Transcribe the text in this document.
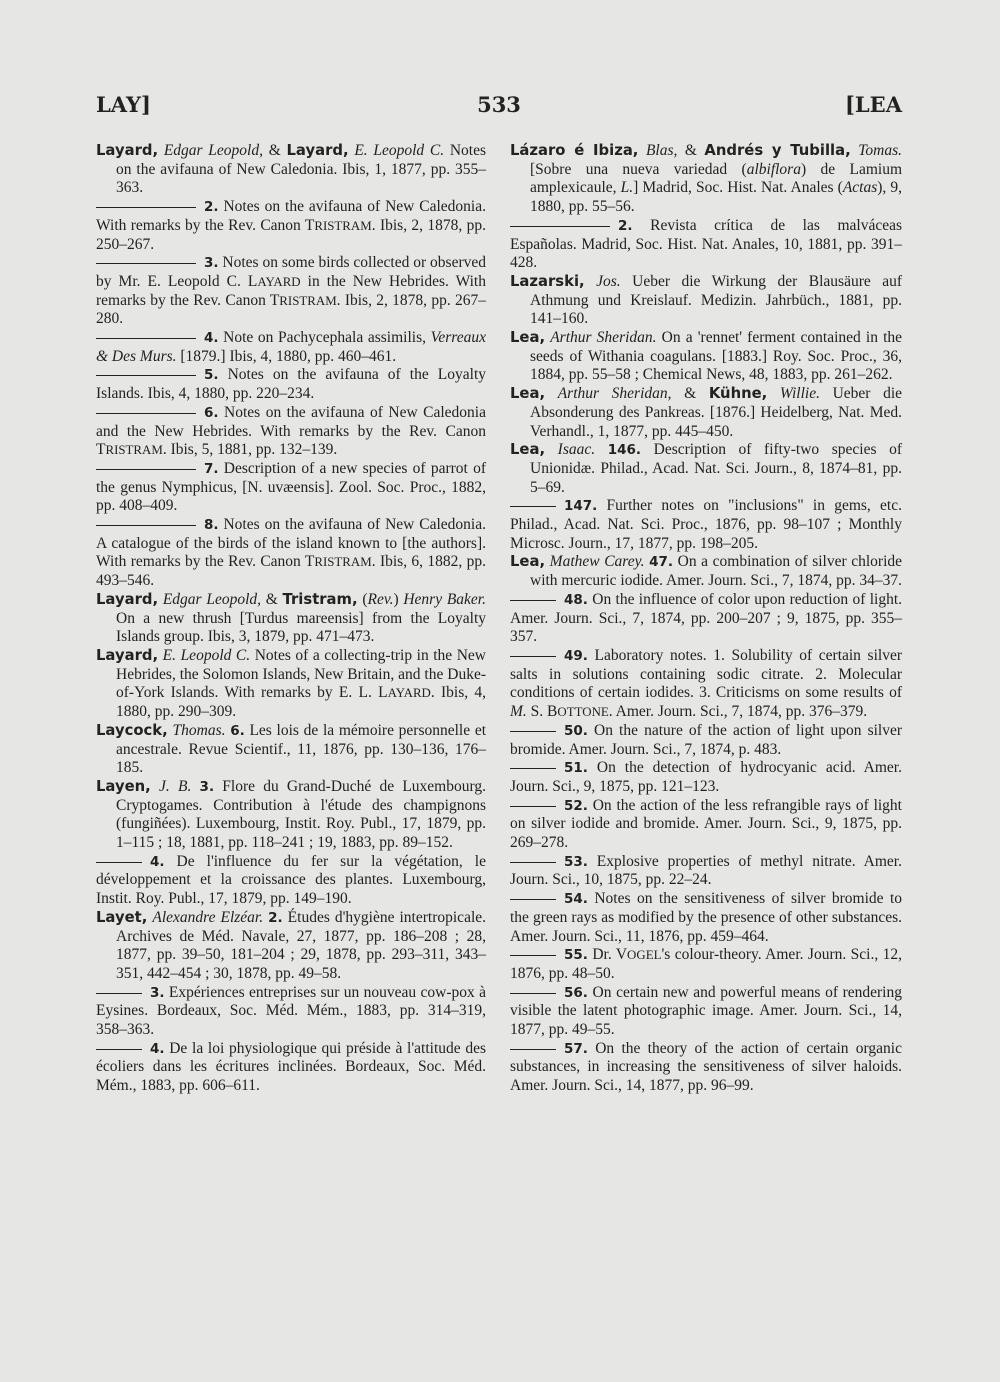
LAY]	533	[LEA

Layard, Edgar Leopold, & Layard, E. Leopold C. Notes on the avifauna of New Caledonia. Ibis, 1, 1877, pp. 355–363.

2. Notes on the avifauna of New Caledonia. With remarks by the Rev. Canon TRISTRAM. Ibis, 2, 1878, pp. 250–267.

3. Notes on some birds collected or observed by Mr. E. Leopold C. LAYARD in the New Hebrides. With remarks by the Rev. Canon TRISTRAM. Ibis, 2, 1878, pp. 267–280.

4. Note on Pachycephala assimilis, Verreaux & Des Murs. [1879.] Ibis, 4, 1880, pp. 460–461.

5. Notes on the avifauna of the Loyalty Islands. Ibis, 4, 1880, pp. 220–234.

6. Notes on the avifauna of New Caledonia and the New Hebrides. With remarks by the Rev. Canon TRISTRAM. Ibis, 5, 1881, pp. 132–139.

7. Description of a new species of parrot of the genus Nymphicus, [N. uvæensis]. Zool. Soc. Proc., 1882, pp. 408–409.

8. Notes on the avifauna of New Caledonia. A catalogue of the birds of the island known to [the authors]. With remarks by the Rev. Canon TRISTRAM. Ibis, 6, 1882, pp. 493–546.

Layard, Edgar Leopold, & Tristram, (Rev.) Henry Baker. On a new thrush [Turdus mareensis] from the Loyalty Islands group. Ibis, 3, 1879, pp. 471–473.

Layard, E. Leopold C. Notes of a collecting-trip in the New Hebrides, the Solomon Islands, New Britain, and the Duke-of-York Islands. With remarks by E. L. LAYARD. Ibis, 4, 1880, pp. 290–309.

Laycock, Thomas. 6. Les lois de la mémoire personnelle et ancestrale. Revue Scientif., 11, 1876, pp. 130–136, 176–185.

Layen, J. B. 3. Flore du Grand-Duché de Luxembourg. Cryptogames. Contribution à l'étude des champignons (fungiñées). Luxembourg, Instit. Roy. Publ., 17, 1879, pp. 1–115 ; 18, 1881, pp. 118–241 ; 19, 1883, pp. 89–152.

4. De l'influence du fer sur la végétation, le développement et la croissance des plantes. Luxembourg, Instit. Roy. Publ., 17, 1879, pp. 149–190.

Layet, Alexandre Elzéar. 2. Études d'hygiène intertropicale. Archives de Méd. Navale, 27, 1877, pp. 186–208 ; 28, 1877, pp. 39–50, 181–204 ; 29, 1878, pp. 293–311, 343–351, 442–454 ; 30, 1878, pp. 49–58.

3. Expériences entreprises sur un nouveau cow-pox à Eysines. Bordeaux, Soc. Méd. Mém., 1883, pp. 314–319, 358–363.

4. De la loi physiologique qui préside à l'attitude des écoliers dans les écritures inclinées. Bordeaux, Soc. Méd. Mém., 1883, pp. 606–611.

Lázaro é Ibiza, Blas, & Andrés y Tubilla, Tomas. [Sobre una nueva variedad (albiflora) de Lamium amplexicaule, L.] Madrid, Soc. Hist. Nat. Anales (Actas), 9, 1880, pp. 55–56.

2. Revista crítica de las malváceas Españolas. Madrid, Soc. Hist. Nat. Anales, 10, 1881, pp. 391–428.

Lazarski, Jos. Ueber die Wirkung der Blausäure auf Athmung und Kreislauf. Medizin. Jahrbüch., 1881, pp. 141–160.

Lea, Arthur Sheridan. On a 'rennet' ferment contained in the seeds of Withania coagulans. [1883.] Roy. Soc. Proc., 36, 1884, pp. 55–58 ; Chemical News, 48, 1883, pp. 261–262.

Lea, Arthur Sheridan, & Kühne, Willie. Ueber die Absonderung des Pankreas. [1876.] Heidelberg, Nat. Med. Verhandl., 1, 1877, pp. 445–450.

Lea, Isaac. 146. Description of fifty-two species of Unionidæ. Philad., Acad. Nat. Sci. Journ., 8, 1874–81, pp. 5–69.

147. Further notes on "inclusions" in gems, etc. Philad., Acad. Nat. Sci. Proc., 1876, pp. 98–107 ; Monthly Microsc. Journ., 17, 1877, pp. 198–205.

Lea, Mathew Carey. 47. On a combination of silver chloride with mercuric iodide. Amer. Journ. Sci., 7, 1874, pp. 34–37.

48. On the influence of color upon reduction of light. Amer. Journ. Sci., 7, 1874, pp. 200–207 ; 9, 1875, pp. 355–357.

49. Laboratory notes. 1. Solubility of certain silver salts in solutions containing sodic citrate. 2. Molecular conditions of certain iodides. 3. Criticisms on some results of M. S. BOTTONE. Amer. Journ. Sci., 7, 1874, pp. 376–379.

50. On the nature of the action of light upon silver bromide. Amer. Journ. Sci., 7, 1874, p. 483.

51. On the detection of hydrocyanic acid. Amer. Journ. Sci., 9, 1875, pp. 121–123.

52. On the action of the less refrangible rays of light on silver iodide and bromide. Amer. Journ. Sci., 9, 1875, pp. 269–278.

53. Explosive properties of methyl nitrate. Amer. Journ. Sci., 10, 1875, pp. 22–24.

54. Notes on the sensitiveness of silver bromide to the green rays as modified by the presence of other substances. Amer. Journ. Sci., 11, 1876, pp. 459–464.

55. Dr. VOGEL's colour-theory. Amer. Journ. Sci., 12, 1876, pp. 48–50.

56. On certain new and powerful means of rendering visible the latent photographic image. Amer. Journ. Sci., 14, 1877, pp. 49–55.

57. On the theory of the action of certain organic substances, in increasing the sensitiveness of silver haloids. Amer. Journ. Sci., 14, 1877, pp. 96–99.
